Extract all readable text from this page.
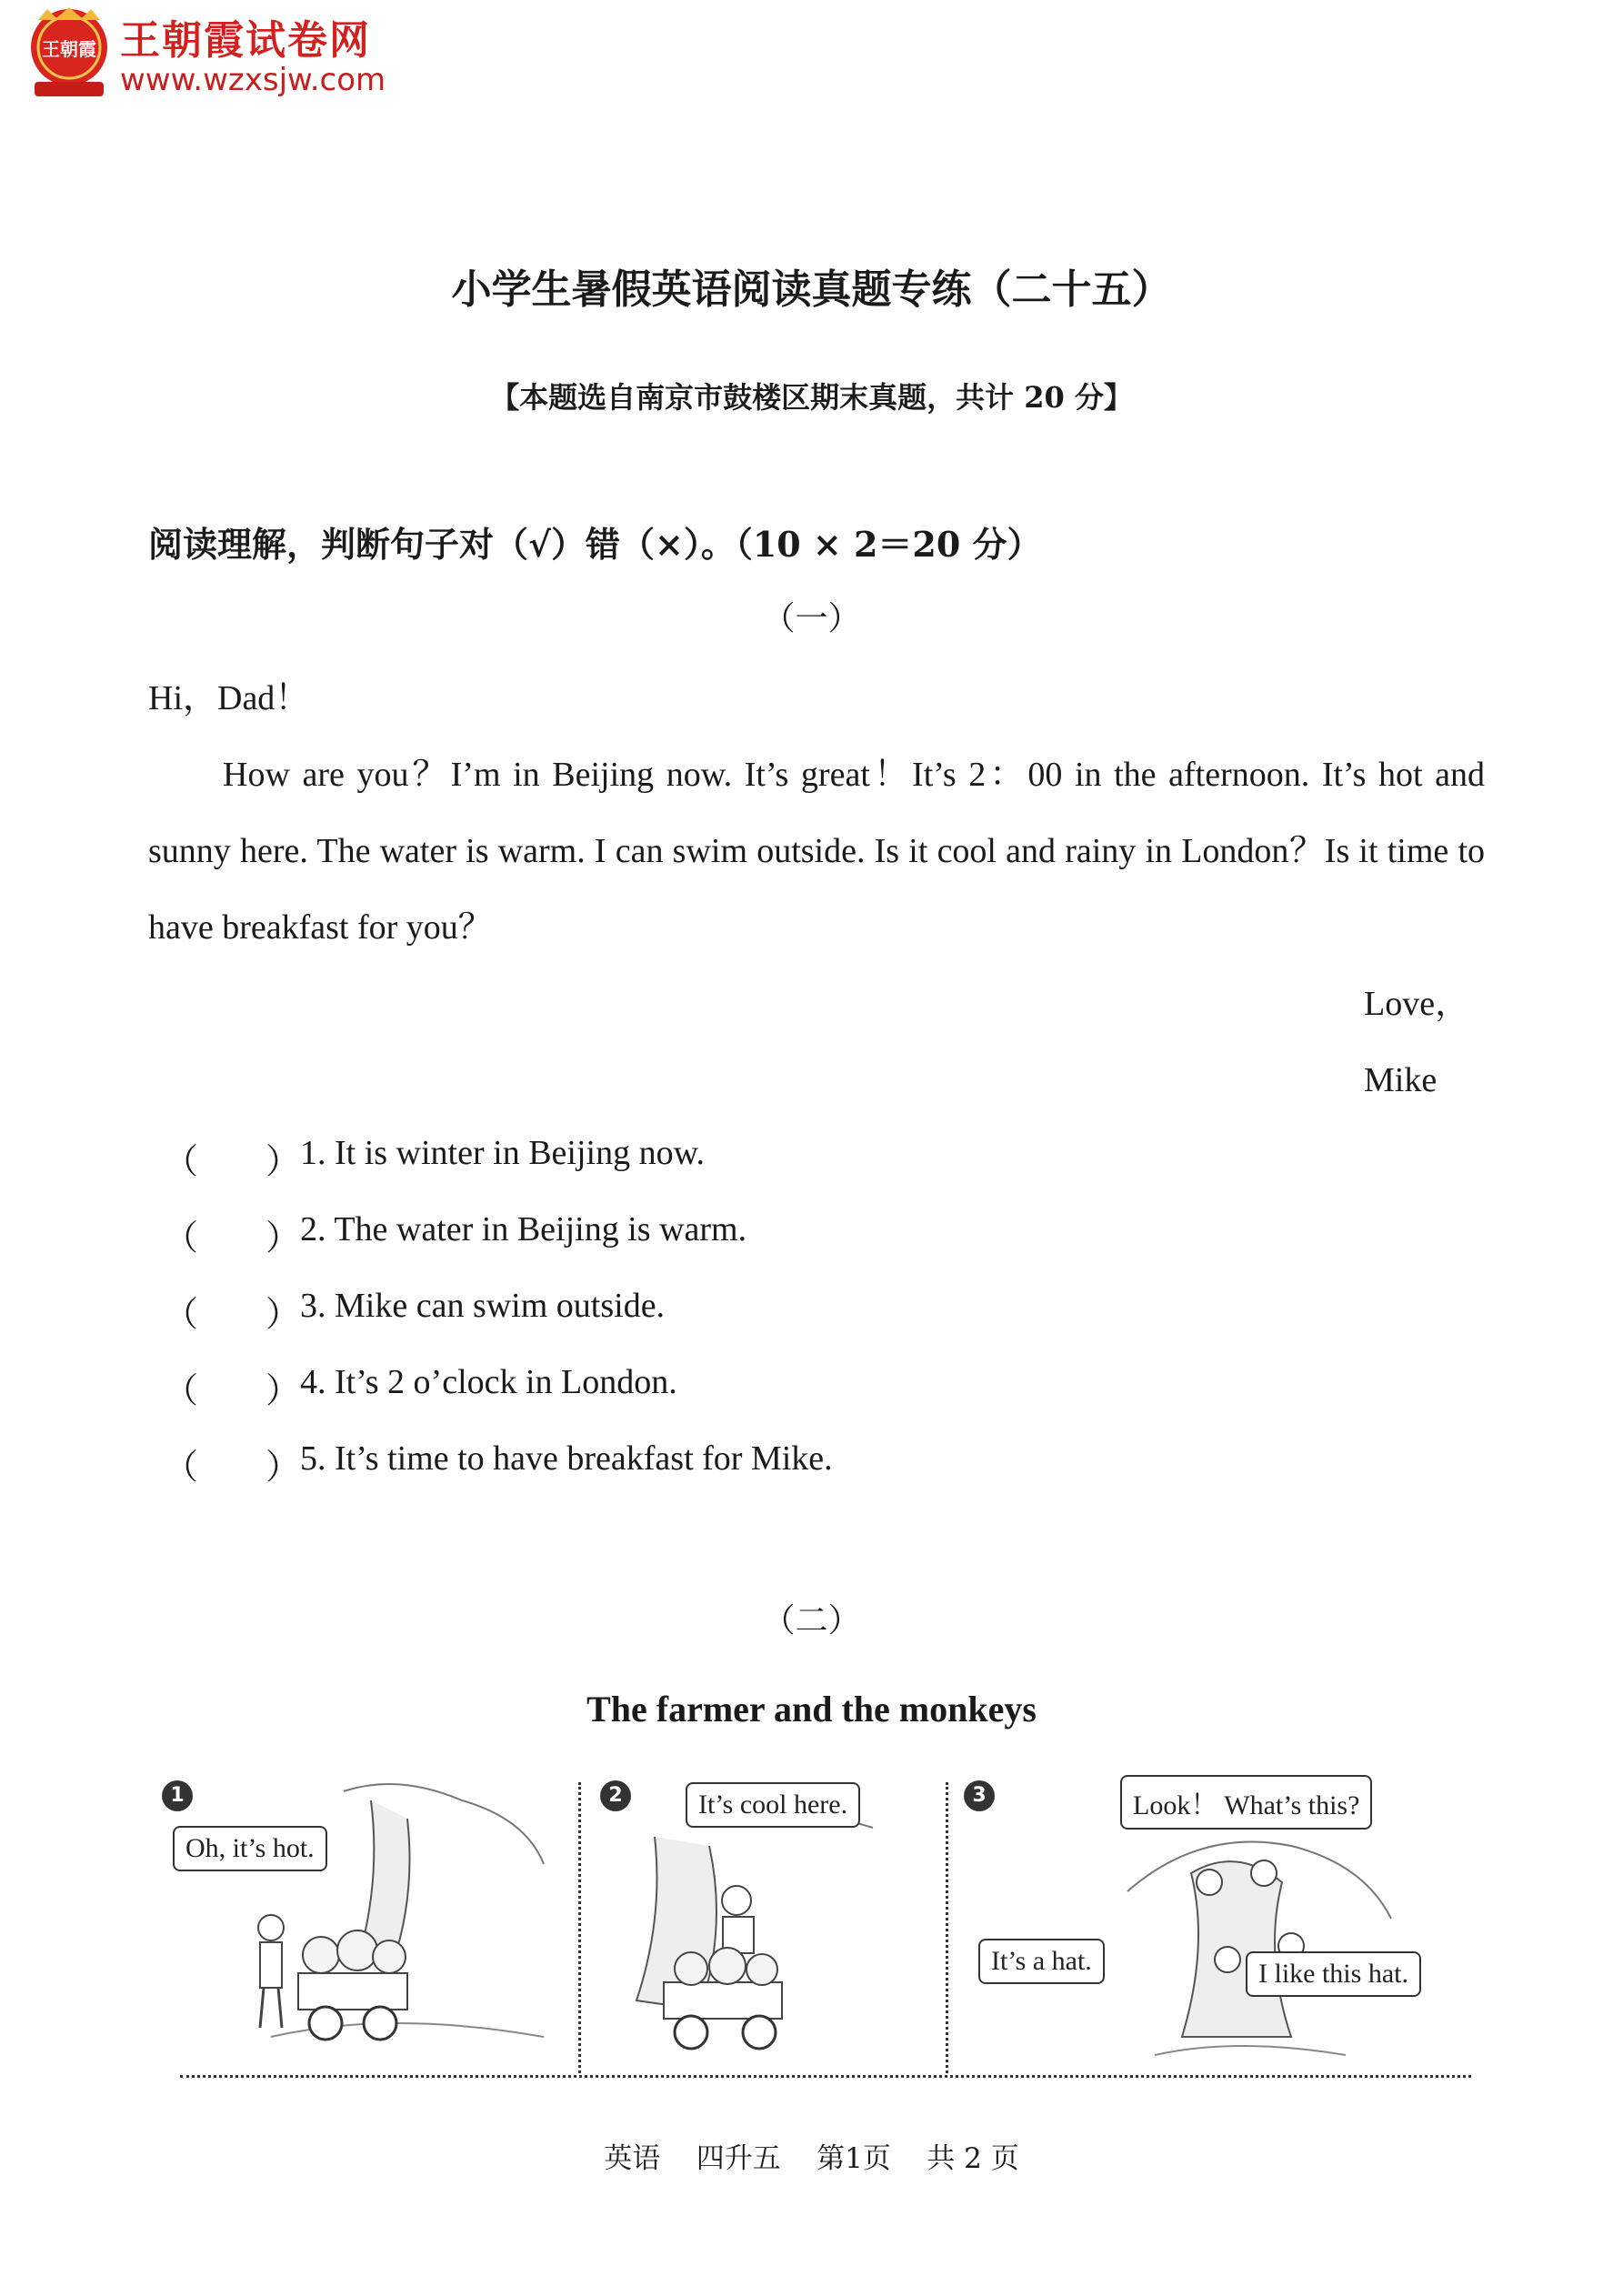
王朝霞 王朝霞试卷网
www.wzxsjw.com
小学生暑假英语阅读真题专练（二十五）
【本题选自南京市鼓楼区期末真题，共计 20 分】
阅读理解，判断句子对（√）错（×）。（10 × 2＝20 分）
（一）
Hi，Dad！
How are you？I’m in Beijing now. It’s great！It’s 2：00 in the afternoon. It’s hot and sunny here. The water is warm. I can swim outside. Is it cool and rainy in London？Is it time to have breakfast for you？
Love，
Mike
（ ） 1. It is winter in Beijing now.
（ ） 2. The water in Beijing is warm.
（ ） 3. Mike can swim outside.
（ ） 4. It’s 2 o’clock in London.
（ ） 5. It’s time to have breakfast for Mike.
（二）
The farmer and the monkeys
1
Oh, it’s hot.
2	It’s cool here.	3	Look！ What’s this?
It’s a hat.	I like this hat.
英语    四升五    第1页    共 2 页
